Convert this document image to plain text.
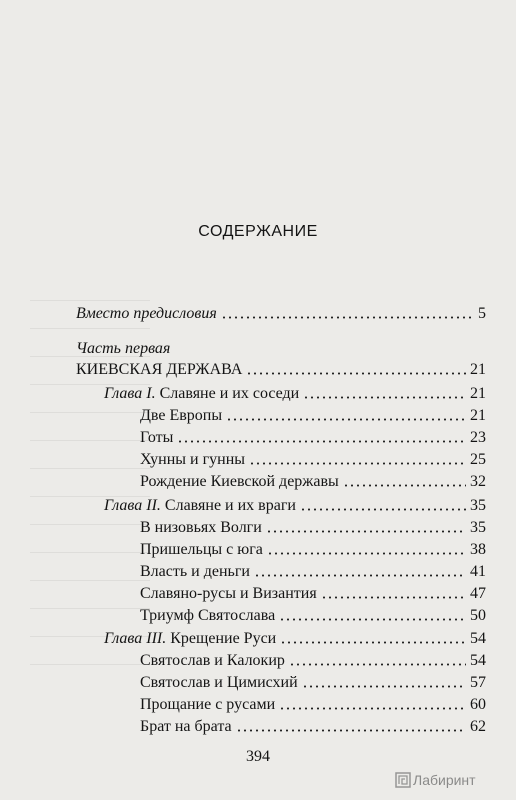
СОДЕРЖАНИЕ
Вместо предисловия	5
Часть первая
КИЕВСКАЯ ДЕРЖАВА	21
Глава I. Славяне и их соседи	21
Две Европы	21
Готы	23
Хунны и гунны	25
Рождение Киевской державы	32
Глава II. Славяне и их враги	35
В низовьях Волги	35
Пришельцы с юга	38
Власть и деньги	41
Славяно-русы и Византия	47
Триумф Святослава	50
Глава III. Крещение Руси	54
Святослав и Калокир	54
Святослав и Цимисхий	57
Прощание с русами	60
Брат на брата	62
394
Лабиринт
